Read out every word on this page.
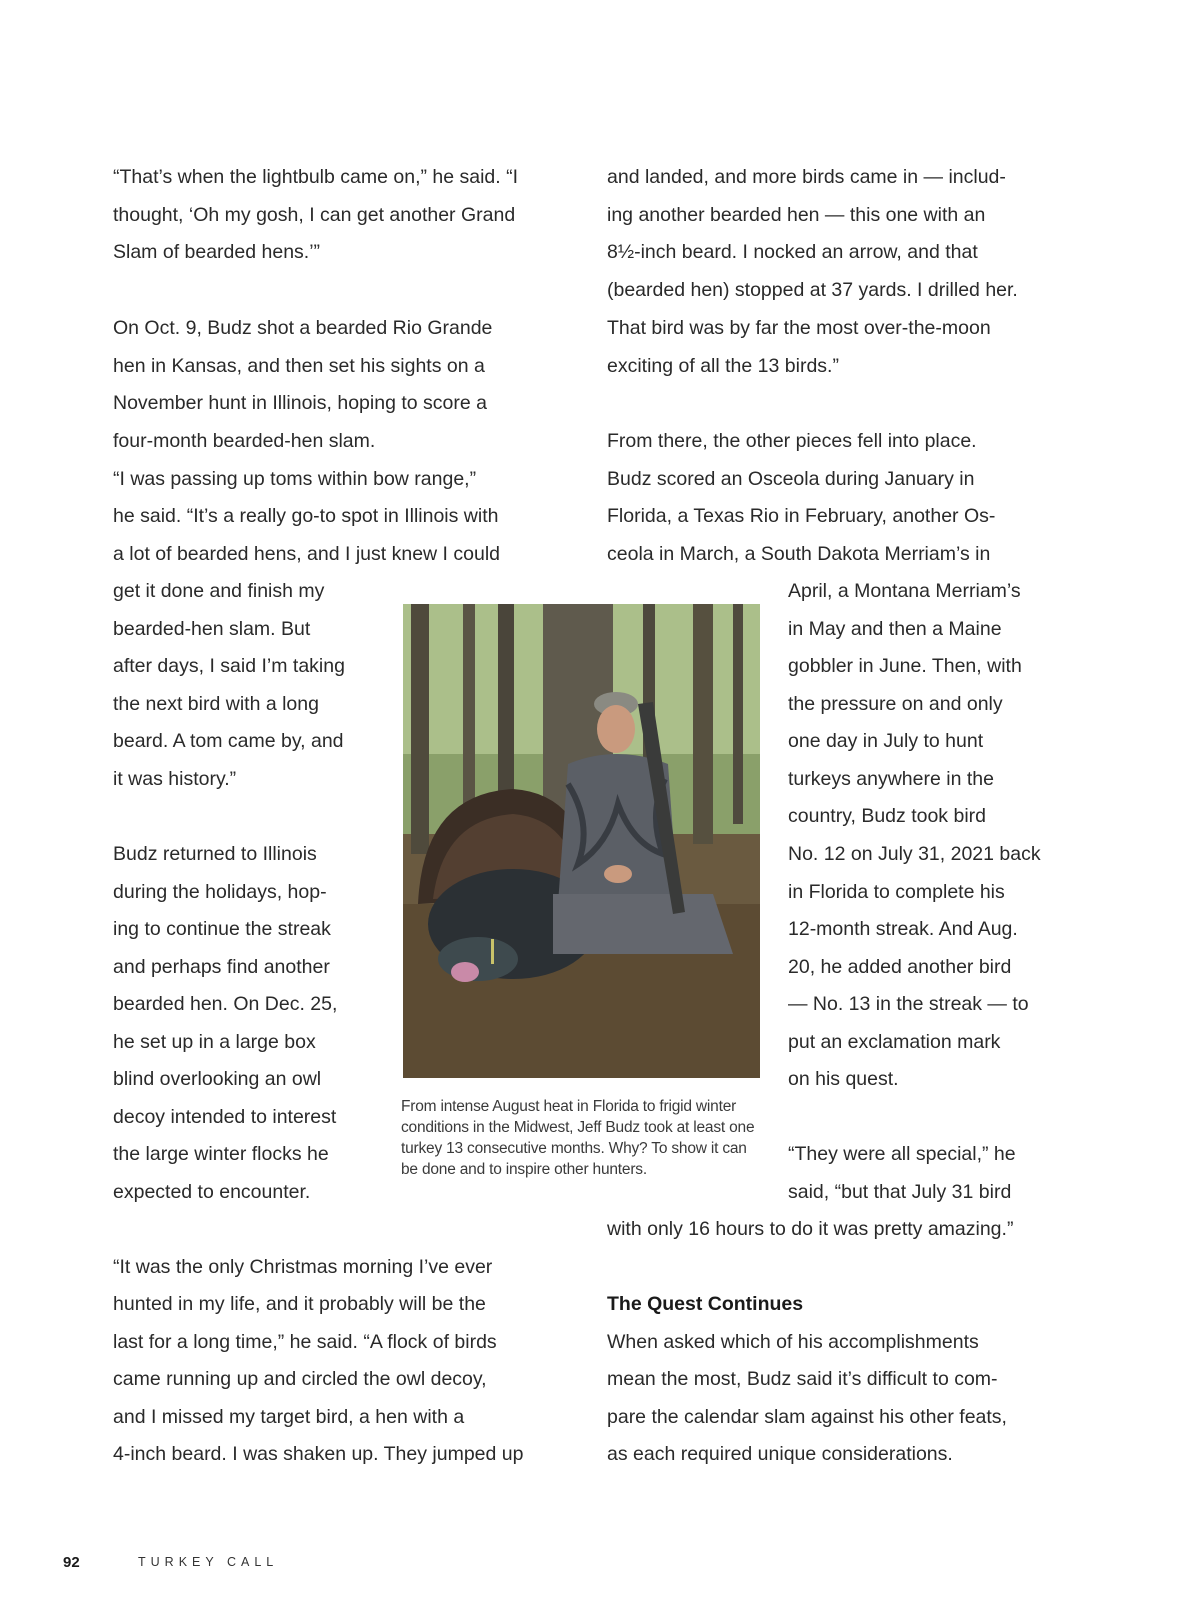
“That’s when the lightbulb came on,” he said. “I

thought, ‘Oh my gosh, I can get another Grand

Slam of bearded hens.’”

On Oct. 9, Budz shot a bearded Rio Grande

hen in Kansas, and then set his sights on a

November hunt in Illinois, hoping to score a

four-month bearded-hen slam.

“I was passing up toms within bow range,”

he said. “It’s a really go-to spot in Illinois with

a lot of bearded hens, and I just knew I could

get it done and finish my

bearded-hen slam. But

after days, I said I’m taking

the next bird with a long

beard. A tom came by, and

it was history.”

Budz returned to Illinois

during the holidays, hop-

ing to continue the streak

and perhaps find another

bearded hen. On Dec. 25,

he set up in a large box

blind overlooking an owl

decoy intended to interest

the large winter flocks he

expected to encounter.

“It was the only Christmas morning I’ve ever

hunted in my life, and it probably will be the

last for a long time,” he said. “A flock of birds

came running up and circled the owl decoy,

and I missed my target bird, a hen with a

4-inch beard. I was shaken up. They jumped up

and landed, and more birds came in — includ-

ing another bearded hen — this one with an

8½-inch beard. I nocked an arrow, and that

(bearded hen) stopped at 37 yards. I drilled her.

That bird was by far the most over-the-moon

exciting of all the 13 birds.”

From there, the other pieces fell into place.

Budz scored an Osceola during January in

Florida, a Texas Rio in February, another Os-

ceola in March, a South Dakota Merriam’s in

April, a Montana Merriam’s

in May and then a Maine

gobbler in June. Then, with

the pressure on and only

one day in July to hunt

turkeys anywhere in the

country, Budz took bird

No. 12 on July 31, 2021 back

in Florida to complete his

12-month streak. And Aug.

20, he added another bird

— No. 13 in the streak — to

put an exclamation mark

on his quest.

“They were all special,” he

said, “but that July 31 bird

with only 16 hours to do it was pretty amazing.”

The Quest Continues

When asked which of his accomplishments

mean the most, Budz said it’s difficult to com-

pare the calendar slam against his other feats,

as each required unique considerations.

From intense August heat in Florida to frigid winter conditions in the Midwest, Jeff Budz took at least one turkey 13 consecutive months. Why? To show it can be done and to inspire other hunters.

92	TURKEY CALL
